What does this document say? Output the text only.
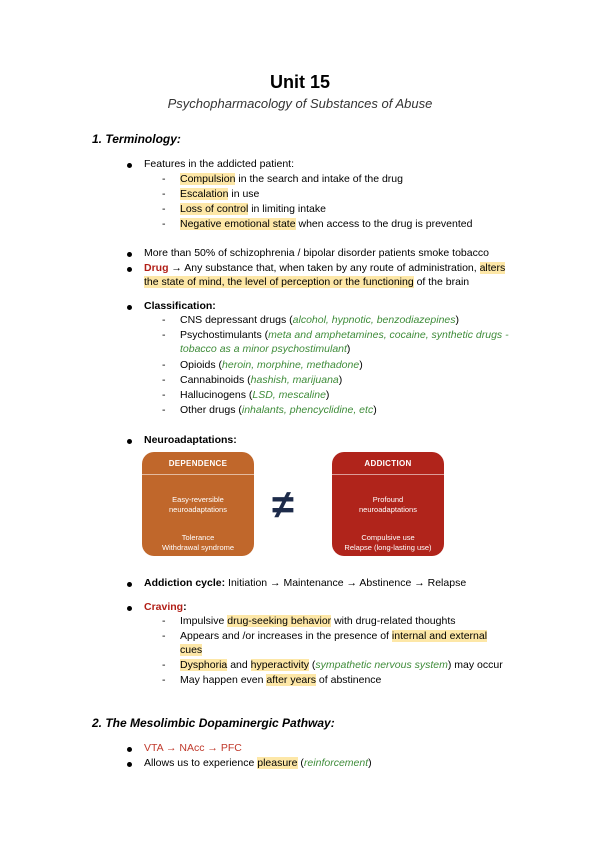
Unit 15
Psychopharmacology of Substances of Abuse
1. Terminology:
Features in the addicted patient:
- Compulsion in the search and intake of the drug
- Escalation in use
- Loss of control in limiting intake
- Negative emotional state when access to the drug is prevented
More than 50% of schizophrenia / bipolar disorder patients smoke tobacco
Drug → Any substance that, when taken by any route of administration, alters
the state of mind, the level of perception or the functioning of the brain
Classification:
- CNS depressant drugs (alcohol, hypnotic, benzodiazepines)
- Psychostimulants (meta and amphetamines, cocaine, synthetic drugs -
tobacco as a minor psychostimulant)
- Opioids (heroin, morphine, methadone)
- Cannabinoids (hashish, marijuana)
- Hallucinogens (LSD, mescaline)
- Other drugs (inhalants, phencyclidine, etc)
Neuroadaptations:
DEPENDENCE
Easy-reversible
neuroadaptations
Tolerance
Withdrawal syndrome
≠
ADDICTION
Profound
neuroadaptations
Compulsive use
Relapse (long-lasting use)
Addiction cycle: Initiation → Maintenance → Abstinence → Relapse
Craving:
- Impulsive drug-seeking behavior with drug-related thoughts
- Appears and /or increases in the presence of internal and external
cues
- Dysphoria and hyperactivity (sympathetic nervous system) may occur
- May happen even after years of abstinence
2. The Mesolimbic Dopaminergic Pathway:
VTA → NAcc → PFC
Allows us to experience pleasure (reinforcement)
